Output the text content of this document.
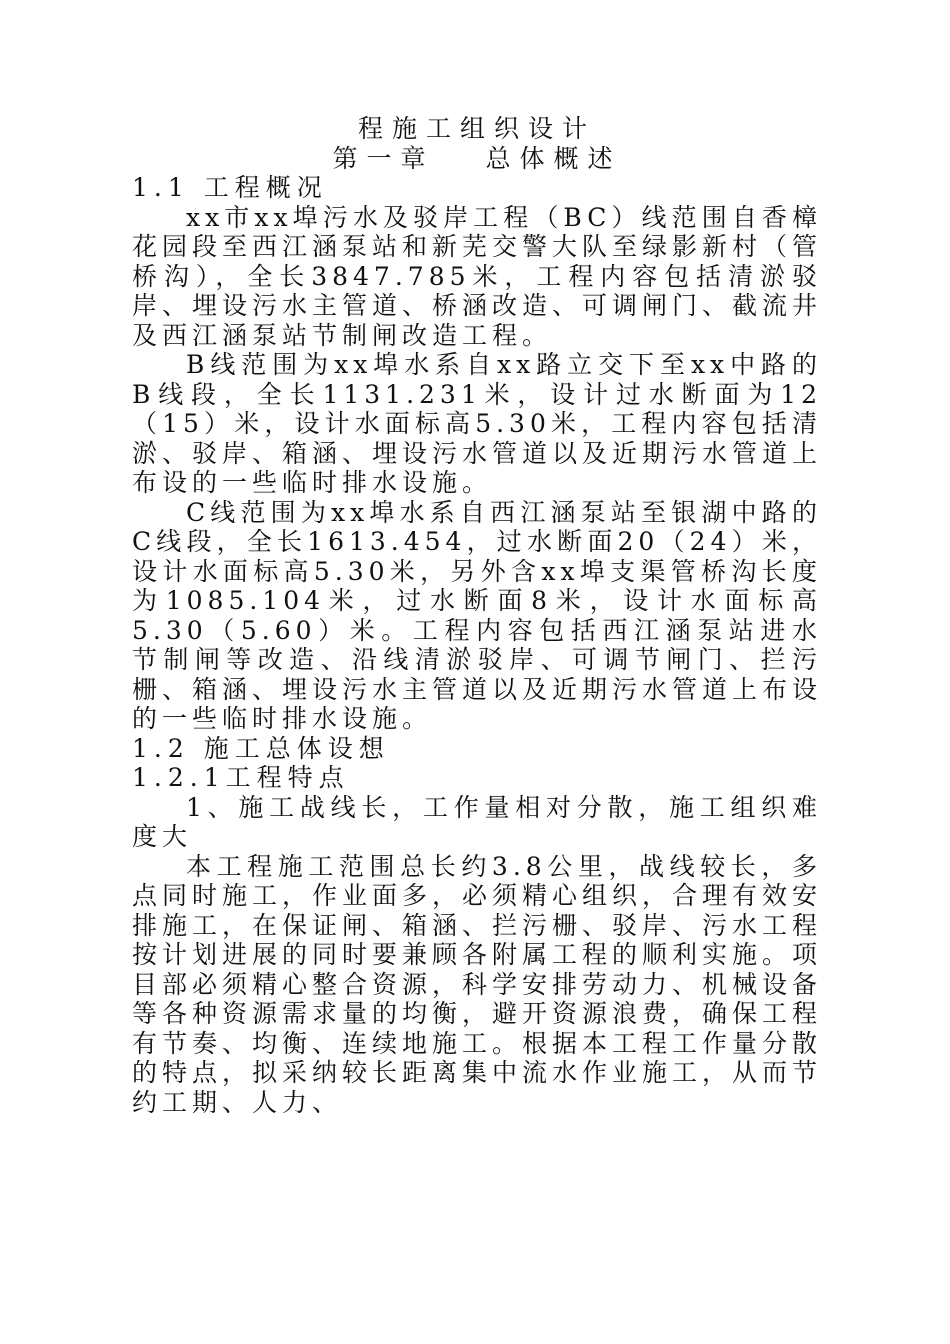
程施工组织设计
第一章　 总体概述
1.1 工程概况
xx市xx埠污水及驳岸工程（BC）线范围自香樟花园段至西江涵泵站和新芜交警大队至绿影新村（管桥沟），全长3847.785米，工程内容包括清淤驳岸、埋设污水主管道、桥涵改造、可调闸门、截流井及西江涵泵站节制闸改造工程。
B线范围为xx埠水系自xx路立交下至xx中路的B线段，全长1131.231米，设计过水断面为12（15）米，设计水面标高5.30米，工程内容包括清淤、驳岸、箱涵、埋设污水管道以及近期污水管道上布设的一些临时排水设施。
C线范围为xx埠水系自西江涵泵站至银湖中路的C线段，全长1613.454，过水断面20（24）米，设计水面标高5.30米，另外含xx埠支渠管桥沟长度为1085.104米，过水断面8米，设计水面标高5.30（5.60）米。工程内容包括西江涵泵站进水节制闸等改造、沿线清淤驳岸、可调节闸门、拦污栅、箱涵、埋设污水主管道以及近期污水管道上布设的一些临时排水设施。
1.2 施工总体设想
1.2.1工程特点
1、施工战线长，工作量相对分散，施工组织难度大
本工程施工范围总长约3.8公里，战线较长，多点同时施工，作业面多，必须精心组织，合理有效安排施工，在保证闸、箱涵、拦污栅、驳岸、污水工程按计划进展的同时要兼顾各附属工程的顺利实施。项目部必须精心整合资源，科学安排劳动力、机械设备等各种资源需求量的均衡，避开资源浪费，确保工程有节奏、均衡、连续地施工。根据本工程工作量分散的特点，拟采纳较长距离集中流水作业施工，从而节约工期、人力、
